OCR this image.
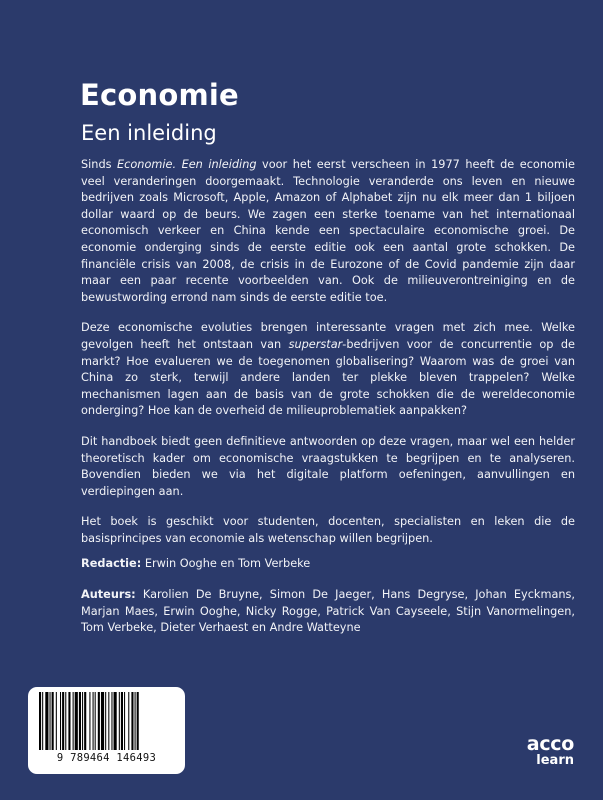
Economie
Een inleiding

Sinds Economie. Een inleiding voor het eerst verscheen in 1977 heeft de economie veel veranderingen doorgemaakt. Technologie veranderde ons leven en nieuwe bedrijven zoals Microsoft, Apple, Amazon of Alphabet zijn nu elk meer dan 1 biljoen dollar waard op de beurs. We zagen een sterke toename van het internationaal economisch verkeer en China kende een spectaculaire economische groei. De economie onderging sinds de eerste editie ook een aantal grote schokken. De financiële crisis van 2008, de crisis in de Eurozone of de Covid pandemie zijn daar maar een paar recente voorbeelden van. Ook de milieuverontreiniging en de bewustwording errond nam sinds de eerste editie toe.

Deze economische evoluties brengen interessante vragen met zich mee. Welke gevolgen heeft het ontstaan van superstar-bedrijven voor de concurrentie op de markt? Hoe evalueren we de toegenomen globalisering? Waarom was de groei van China zo sterk, terwijl andere landen ter plekke bleven trappelen? Welke mechanismen lagen aan de basis van de grote schokken die de wereldeconomie onderging? Hoe kan de overheid de milieuproblematiek aanpakken?

Dit handboek biedt geen definitieve antwoorden op deze vragen, maar wel een helder theoretisch kader om economische vraagstukken te begrijpen en te analyseren. Bovendien bieden we via het digitale platform oefeningen, aanvullingen en verdiepingen aan.

Het boek is geschikt voor studenten, docenten, specialisten en leken die de basisprincipes van economie als wetenschap willen begrijpen.

Redactie: Erwin Ooghe en Tom Verbeke

Auteurs: Karolien De Bruyne, Simon De Jaeger, Hans Degryse, Johan Eyckmans, Marjan Maes, Erwin Ooghe, Nicky Rogge, Patrick Van Cayseele, Stijn Vanormelingen, Tom Verbeke, Dieter Verhaest en Andre Watteyne

9 789464 146493
acco
learn
